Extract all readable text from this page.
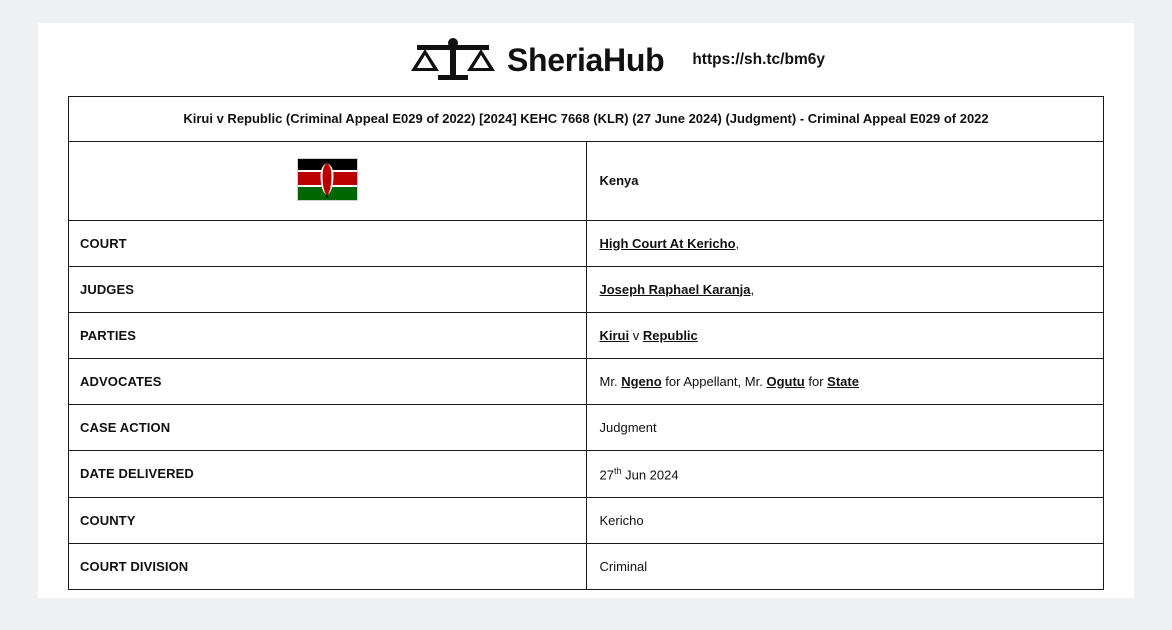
SheriaHub https://sh.tc/bm6y
Kirui v Republic (Criminal Appeal E029 of 2022) [2024] KEHC 7668 (KLR) (27 June 2024) (Judgment) - Criminal Appeal E029 of 2022	

	Kenya
COURT	High Court At Kericho,
JUDGES	Joseph Raphael Karanja,
PARTIES	Kirui v Republic
ADVOCATES	Mr. Ngeno for Appellant, Mr. Ogutu for State
CASE ACTION	Judgment
DATE DELIVERED	27th Jun 2024
COUNTY	Kericho
COURT DIVISION	Criminal
